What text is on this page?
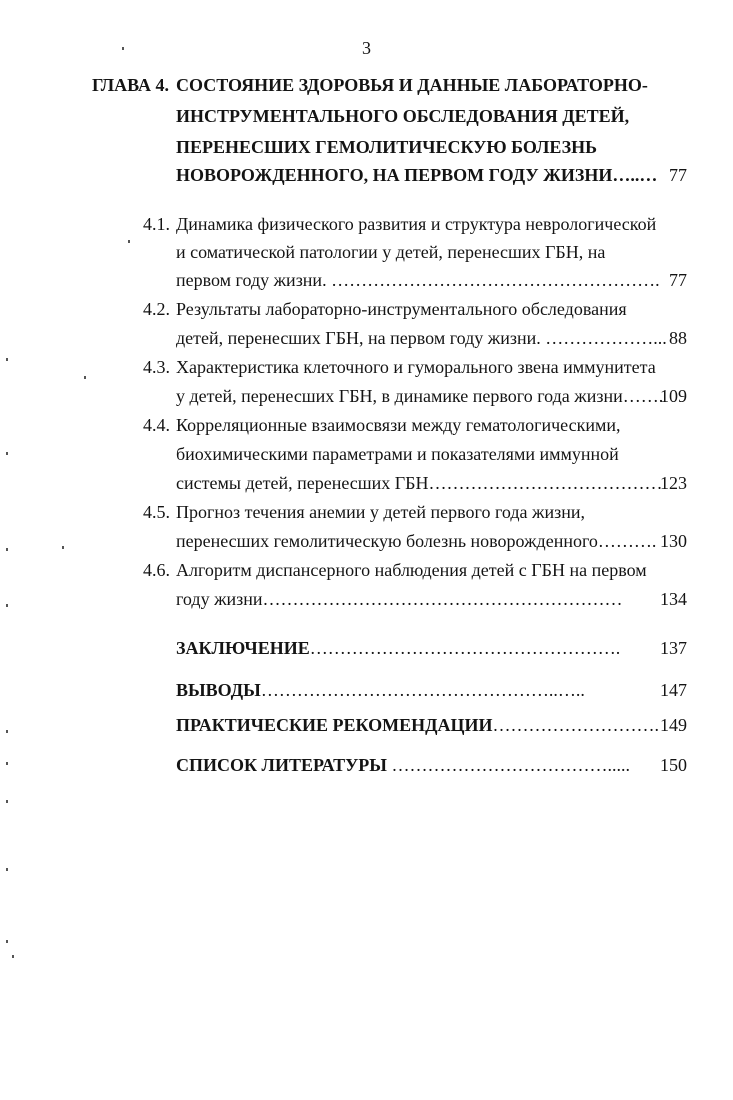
3
ГЛАВА 4. СОСТОЯНИЕ ЗДОРОВЬЯ И ДАННЫЕ ЛАБОРАТОРНО-
ИНСТРУМЕНТАЛЬНОГО ОБСЛЕДОВАНИЯ ДЕТЕЙ,
ПЕРЕНЕСШИХ ГЕМОЛИТИЧЕСКУЮ БОЛЕЗНЬ
НОВОРОЖДЕННОГО, НА ПЕРВОМ ГОДУ ЖИЗНИ…..… 77
4.1. Динамика физического развития и структура неврологической
и соматической патологии у детей, перенесших ГБН, на
первом году жизни. ………………………………………………. 77
4.2. Результаты лабораторно-инструментального обследования
детей, перенесших ГБН, на первом году жизни. ………………... 88
4.3. Характеристика клеточного и гуморального звена иммунитета
у детей, перенесших ГБН, в динамике первого года жизни…….
109
4.4. Корреляционные взаимосвязи между гематологическими,
биохимическими параметрами и показателями иммунной
системы детей, перенесших ГБН…………………………………
123
4.5. Прогноз течения анемии у детей первого года жизни,
перенесших гемолитическую болезнь новорожденного………. 130
4.6. Алгоритм диспансерного наблюдения детей с ГБН на первом
году жизни…………………………………………………… 134
ЗАКЛЮЧЕНИЕ……………………………………………. 137
ВЫВОДЫ…………………………………………..…..	147
ПРАКТИЧЕСКИЕ РЕКОМЕНДАЦИИ………………………. 149
СПИСОК ЛИТЕРАТУРЫ ………………………………..... 150
